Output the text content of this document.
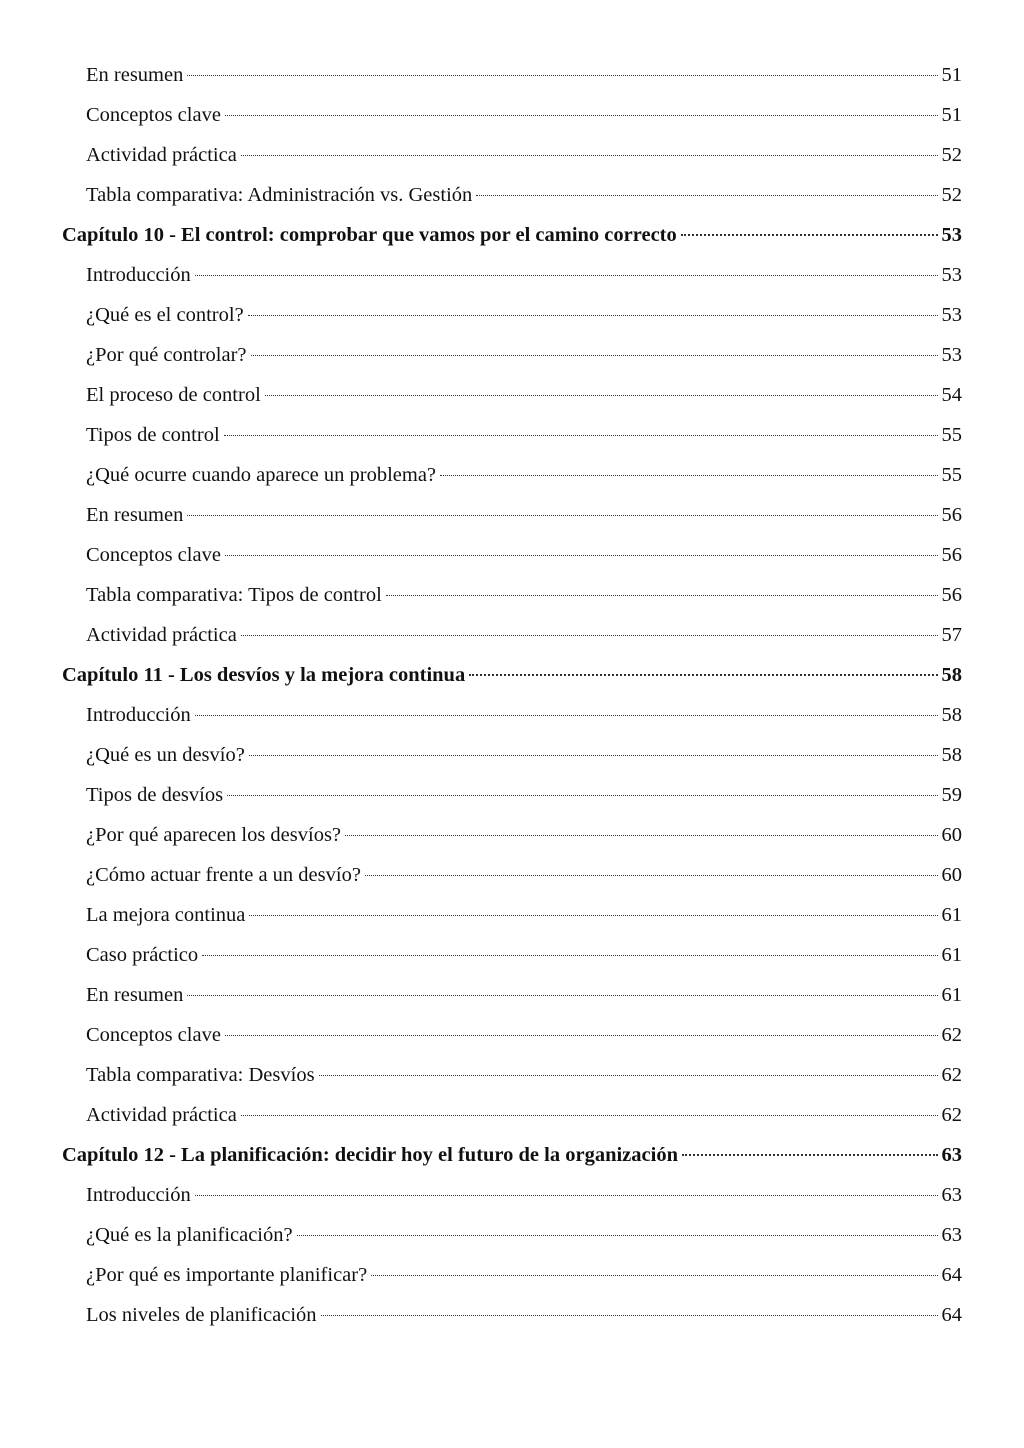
En resumen	51
Conceptos clave	51
Actividad práctica	52
Tabla comparativa: Administración vs. Gestión	52
Capítulo 10 - El control: comprobar que vamos por el camino correcto	53
Introducción	53
¿Qué es el control?	53
¿Por qué controlar?	53
El proceso de control	54
Tipos de control	55
¿Qué ocurre cuando aparece un problema?	55
En resumen	56
Conceptos clave	56
Tabla comparativa: Tipos de control	56
Actividad práctica	57
Capítulo 11 - Los desvíos y la mejora continua	58
Introducción	58
¿Qué es un desvío?	58
Tipos de desvíos	59
¿Por qué aparecen los desvíos?	60
¿Cómo actuar frente a un desvío?	60
La mejora continua	61
Caso práctico	61
En resumen	61
Conceptos clave	62
Tabla comparativa: Desvíos	62
Actividad práctica	62
Capítulo 12 - La planificación: decidir hoy el futuro de la organización	63
Introducción	63
¿Qué es la planificación?	63
¿Por qué es importante planificar?	64
Los niveles de planificación	64
